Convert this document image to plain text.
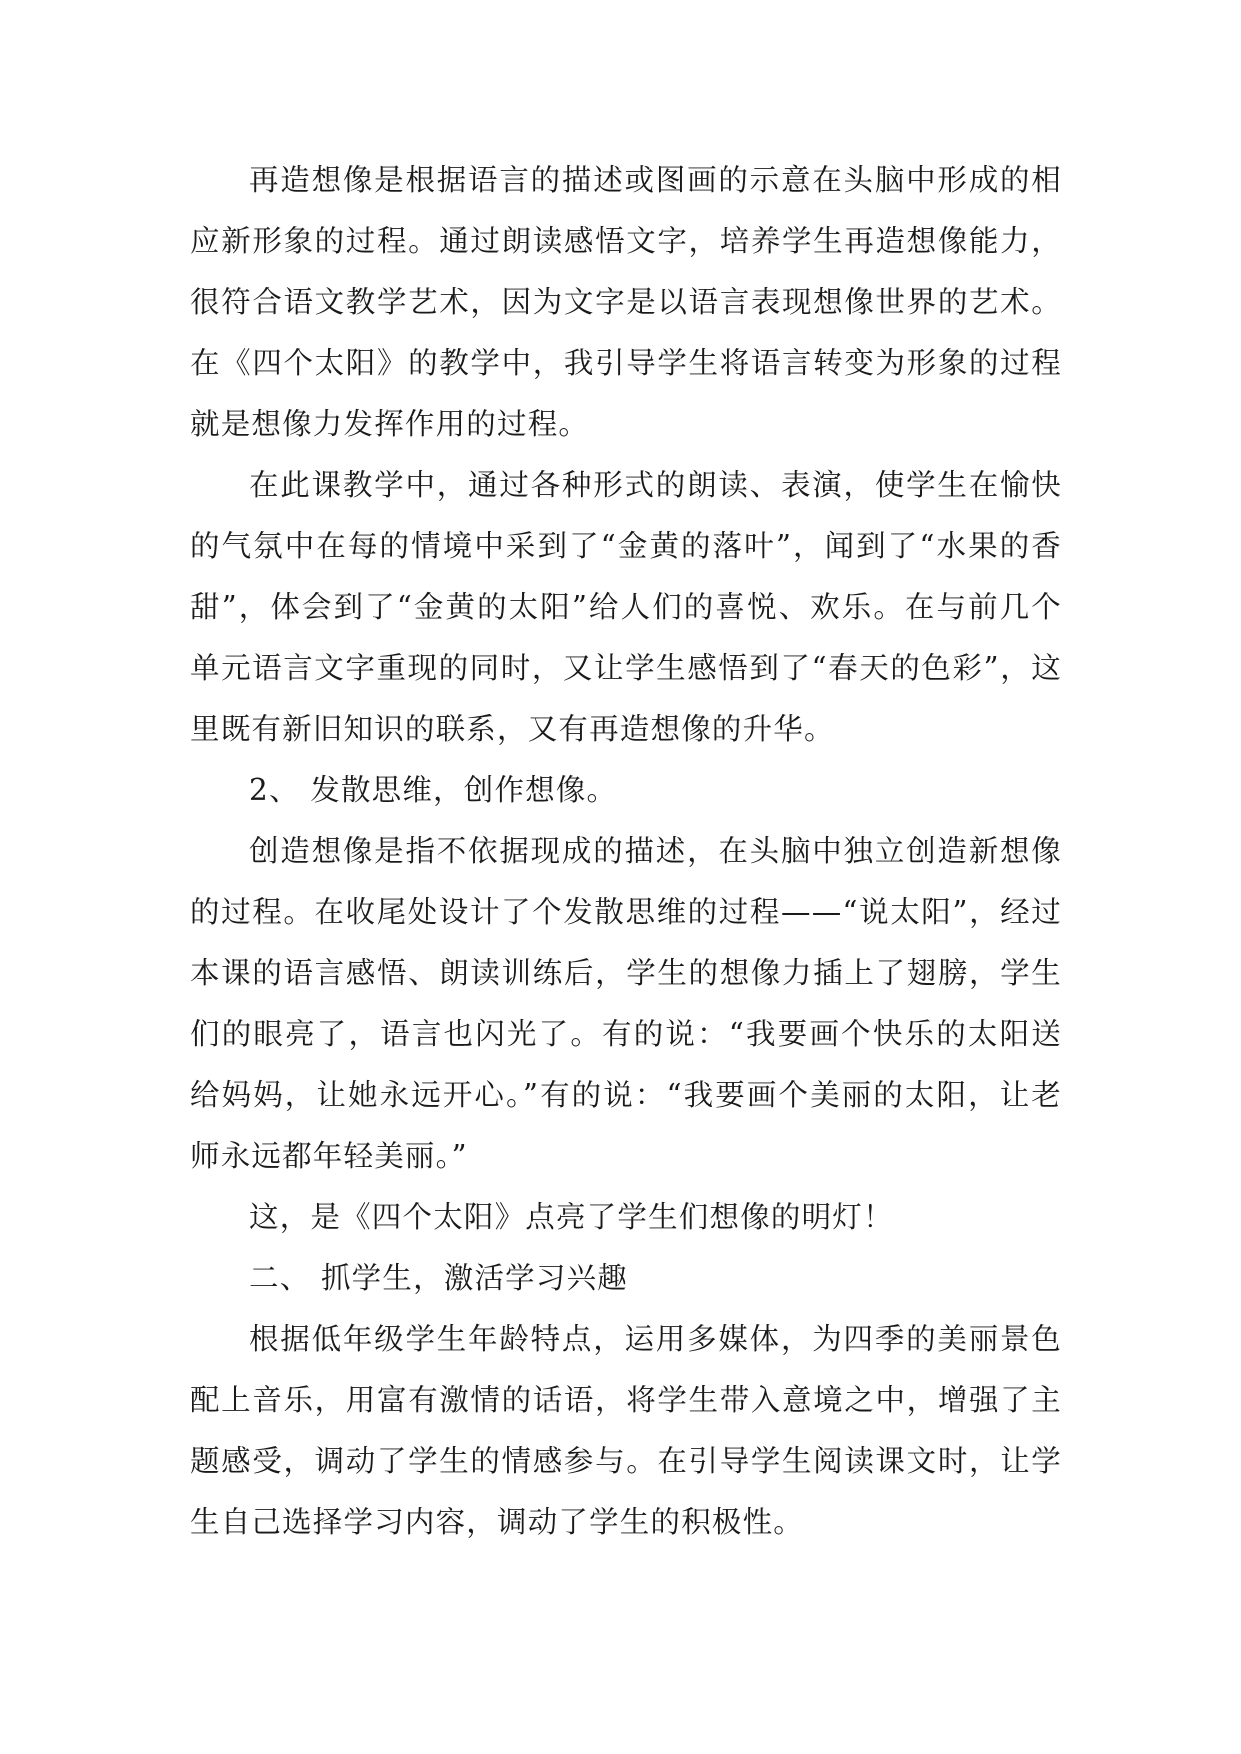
再造想像是根据语言的描述或图画的示意在头脑中形成的相应新形象的过程。通过朗读感悟文字，培养学生再造想像能力，很符合语文教学艺术，因为文字是以语言表现想像世界的艺术。在《四个太阳》的教学中，我引导学生将语言转变为形象的过程就是想像力发挥作用的过程。

在此课教学中，通过各种形式的朗读、表演，使学生在愉快的气氛中在每的情境中采到了“金黄的落叶”，闻到了“水果的香甜”，体会到了“金黄的太阳”给人们的喜悦、欢乐。在与前几个单元语言文字重现的同时，又让学生感悟到了“春天的色彩”，这里既有新旧知识的联系，又有再造想像的升华。

2、 发散思维，创作想像。

创造想像是指不依据现成的描述，在头脑中独立创造新想像的过程。在收尾处设计了个发散思维的过程——“说太阳”，经过本课的语言感悟、朗读训练后，学生的想像力插上了翅膀，学生们的眼亮了，语言也闪光了。有的说：“我要画个快乐的太阳送给妈妈，让她永远开心。”有的说：“我要画个美丽的太阳，让老师永远都年轻美丽。”

这，是《四个太阳》点亮了学生们想像的明灯！

二、 抓学生，激活学习兴趣

根据低年级学生年龄特点，运用多媒体，为四季的美丽景色配上音乐，用富有激情的话语，将学生带入意境之中，增强了主题感受，调动了学生的情感参与。在引导学生阅读课文时，让学生自己选择学习内容，调动了学生的积极性。
